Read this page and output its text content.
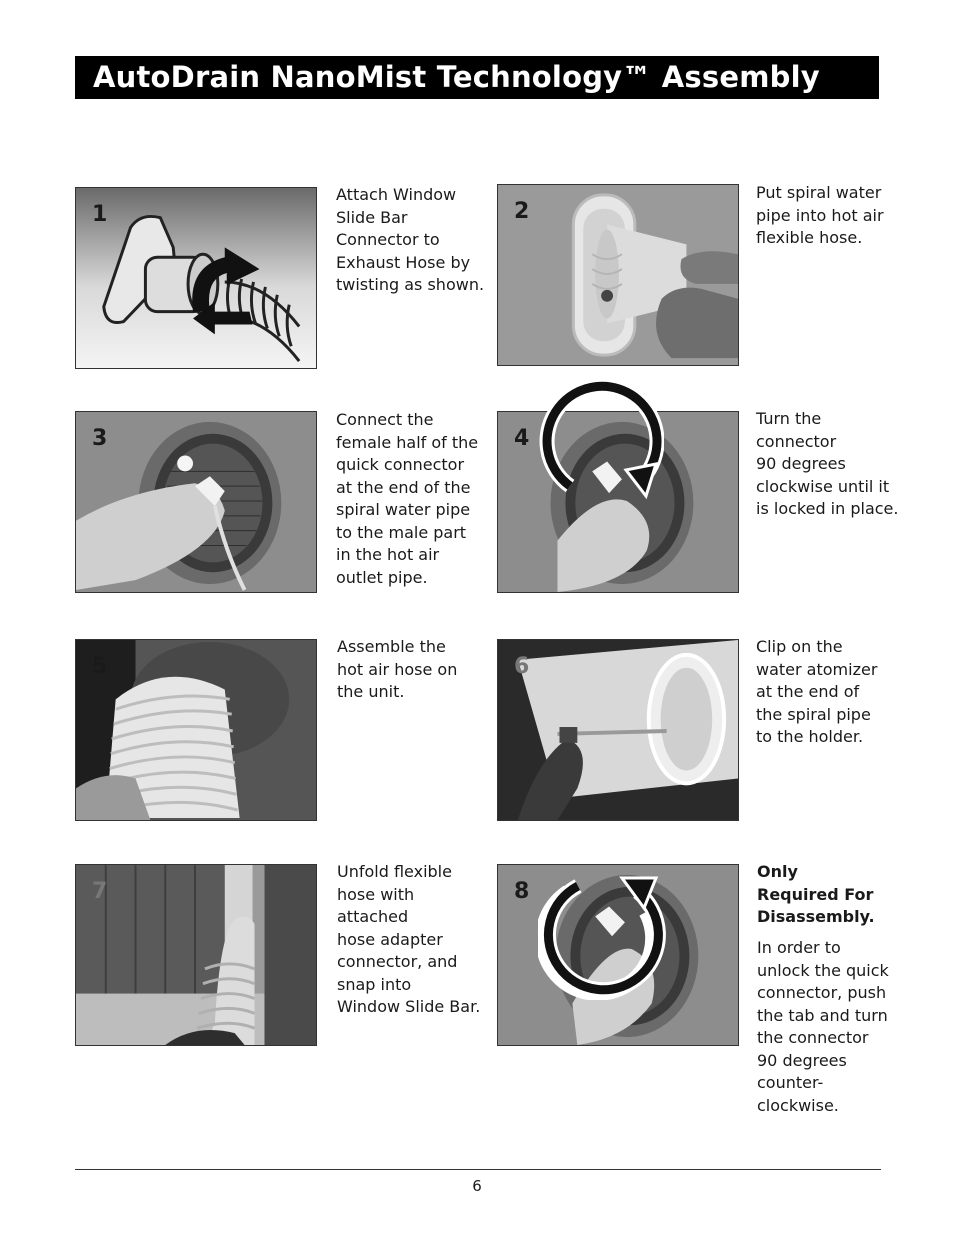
AutoDrain NanoMist Technology™ Assembly
1
Attach Window
Slide Bar
Connector to
Exhaust Hose by
twisting as shown.
2
Put spiral water
pipe into hot air
flexible hose.
3
Connect the
female half of the
quick connector
at the end of the
spiral water pipe
to the male part
in the hot air
outlet pipe.
4
Turn the
connector
90 degrees
clockwise until it
is locked in place.
5
Assemble the
hot air hose on
the unit.
6
Clip on the
water atomizer
at the end of
the spiral pipe
to the holder.
7
Unfold flexible
hose with attached
hose adapter
connector, and
snap into
Window Slide Bar.
8
Only
Required For
Disassembly.
In order to
unlock the quick
connector, push
the tab and turn
the connector
90 degrees
counter-
clockwise.
6
